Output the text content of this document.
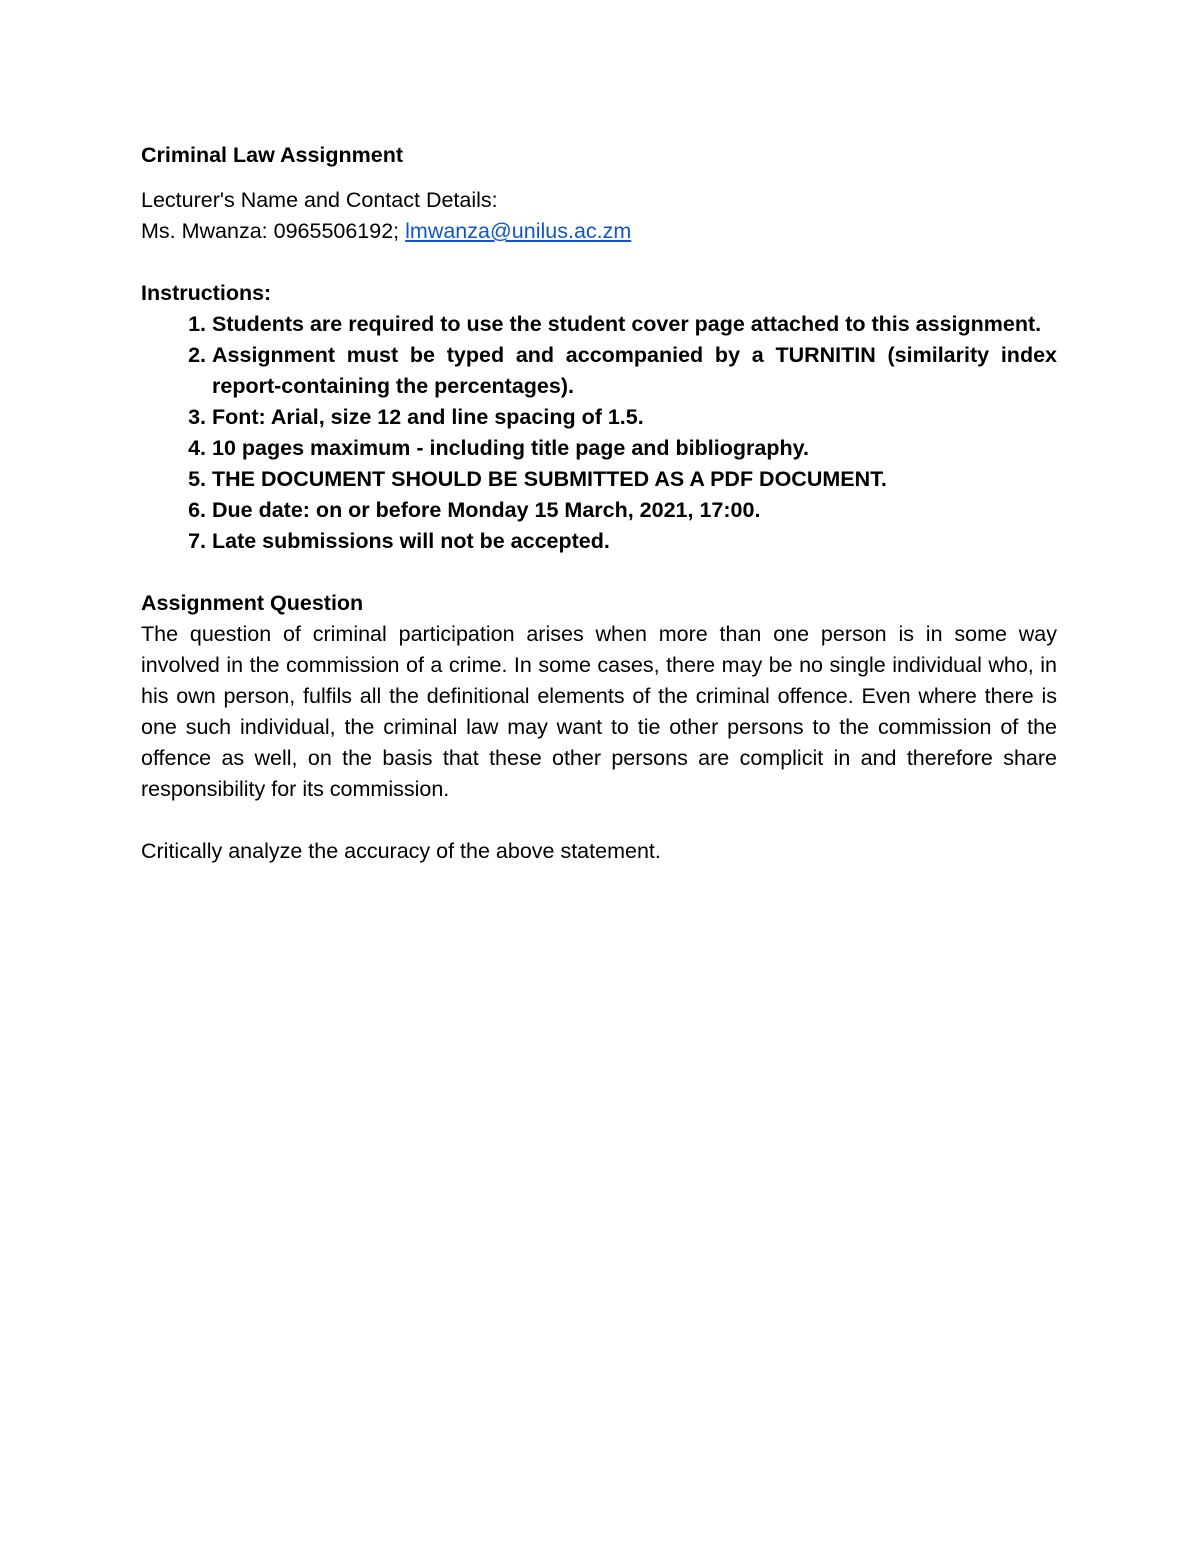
Criminal Law Assignment
Lecturer's Name and Contact Details:
Ms. Mwanza: 0965506192; lmwanza@unilus.ac.zm
Instructions:
1. Students are required to use the student cover page attached to this assignment.
2. Assignment must be typed and accompanied by a TURNITIN (similarity index report-containing the percentages).
3. Font: Arial, size 12 and line spacing of 1.5.
4. 10 pages maximum - including title page and bibliography.
5. THE DOCUMENT SHOULD BE SUBMITTED AS A PDF DOCUMENT.
6. Due date: on or before Monday 15 March, 2021, 17:00.
7. Late submissions will not be accepted.
Assignment Question
The question of criminal participation arises when more than one person is in some way involved in the commission of a crime. In some cases, there may be no single individual who, in his own person, fulfils all the definitional elements of the criminal offence. Even where there is one such individual, the criminal law may want to tie other persons to the commission of the offence as well, on the basis that these other persons are complicit in and therefore share responsibility for its commission.
Critically analyze the accuracy of the above statement.
